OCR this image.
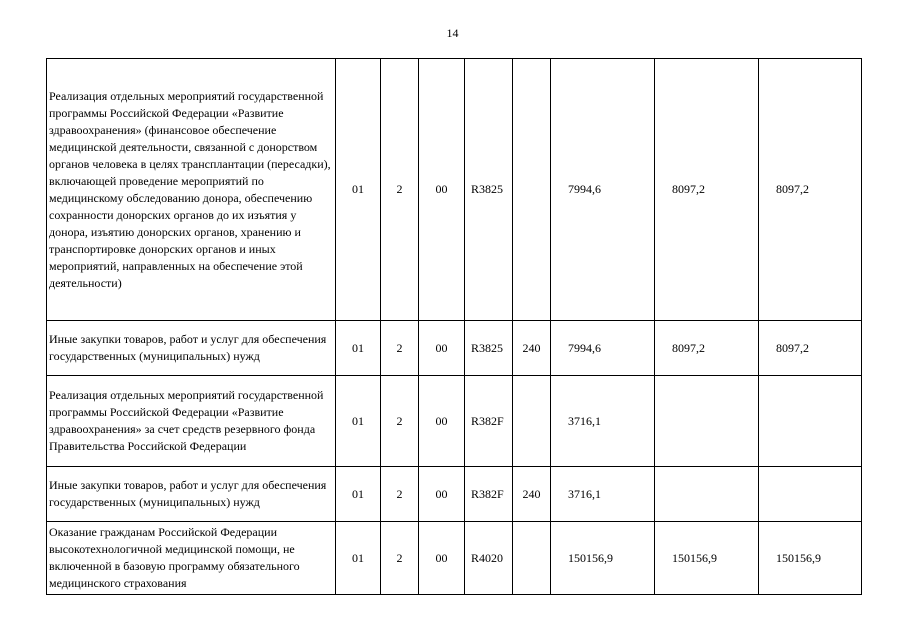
14
Реализация отдельных мероприятий государственной программы Российской Федерации «Развитие здравоохранения» (финансовое обеспечение медицинской деятельности, связанной с донорством органов человека в целях трансплантации (пересадки), включающей проведение мероприятий по медицинскому обследованию донора, обеспечению сохранности донорских органов до их изъятия у донора, изъятию донорских органов, хранению и транспортировке донорских органов и иных мероприятий, направленных на обеспечение этой деятельности)	01	2	00	R3825		7994,6	8097,2	8097,2
Иные закупки товаров, работ и услуг для обеспечения государственных (муниципальных) нужд	01	2	00	R3825	240	7994,6	8097,2	8097,2
Реализация отдельных мероприятий государственной программы Российской Федерации «Развитие здравоохранения» за счет средств резервного фонда Правительства Российской Федерации	01	2	00	R382F		3716,1		
Иные закупки товаров, работ и услуг для обеспечения государственных (муниципальных) нужд	01	2	00	R382F	240	3716,1		
Оказание гражданам Российской Федерации высокотехнологичной медицинской помощи, не включенной в базовую программу обязательного медицинского страхования	01	2	00	R4020		150156,9	150156,9	150156,9
